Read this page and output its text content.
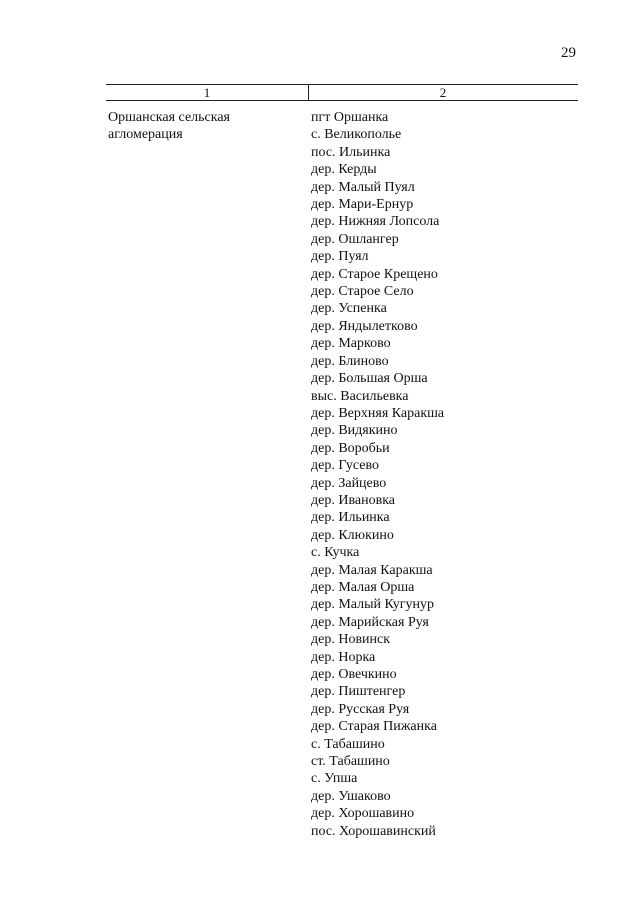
29
1	2
Оршанская сельская
агломерация
пгт Оршанка
с. Великополье
пос. Ильинка
дер. Керды
дер. Малый Пуял
дер. Мари-Ернур
дер. Нижняя Лопсола
дер. Ошлангер
дер. Пуял
дер. Старое Крещено
дер. Старое Село
дер. Успенка
дер. Яндылетково
дер. Марково
дер. Блиново
дер. Большая Орша
выс. Васильевка
дер. Верхняя Каракша
дер. Видякино
дер. Воробьи
дер. Гусево
дер. Зайцево
дер. Ивановка
дер. Ильинка
дер. Клюкино
с. Кучка
дер. Малая Каракша
дер. Малая Орша
дер. Малый Кугунур
дер. Марийская Руя
дер. Новинск
дер. Норка
дер. Овечкино
дер. Пиштенгер
дер. Русская Руя
дер. Старая Пижанка
с. Табашино
ст. Табашино
с. Упша
дер. Ушаково
дер. Хорошавино
пос. Хорошавинский
